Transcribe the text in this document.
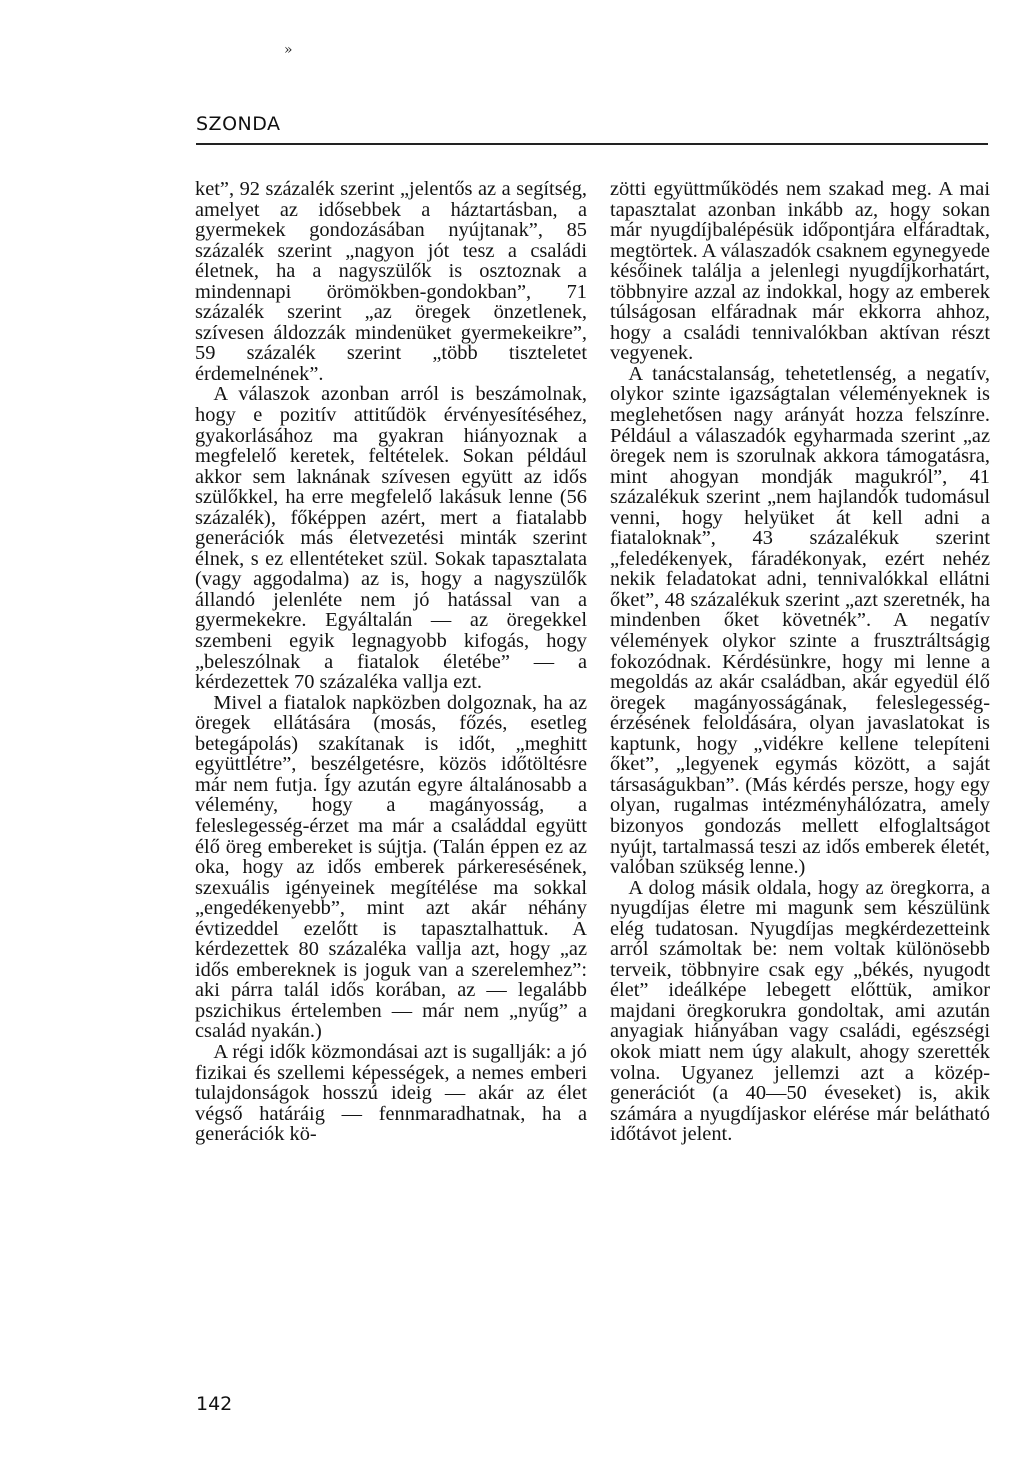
»
SZONDA

ket”, 92 százalék szerint „jelentős az a segítség, amelyet az idősebbek a háztartásban, a gyermekek gondozásában nyújtanak”, 85 százalék szerint „nagyon jót tesz a családi életnek, ha a nagyszülők is osztoznak a mindennapi örömökben-gondokban”, 71 százalék szerint „az öregek önzetlenek, szívesen áldozzák mindenüket gyermekeikre”, 59 százalék szerint „több tiszteletet érdemelnének”.

A válaszok azonban arról is beszámolnak, hogy e pozitív attitűdök érvényesítéséhez, gyakorlásához ma gyakran hiányoznak a megfelelő keretek, feltételek. Sokan például akkor sem laknának szívesen együtt az idős szülőkkel, ha erre megfelelő lakásuk lenne (56 százalék), főképpen azért, mert a fiatalabb generációk más életvezetési minták szerint élnek, s ez ellentéteket szül. Sokak tapasztalata (vagy aggodalma) az is, hogy a nagyszülők állandó jelenléte nem jó hatással van a gyermekekre. Egyáltalán — az öregekkel szembeni egyik legnagyobb kifogás, hogy „beleszólnak a fiatalok életébe” — a kérdezettek 70 százaléka vallja ezt.

Mivel a fiatalok napközben dolgoznak, ha az öregek ellátására (mosás, főzés, esetleg betegápolás) szakítanak is időt, „meghitt együttlétre”, beszélgetésre, közös időtöltésre már nem futja. Így azután egyre általánosabb a vélemény, hogy a magányosság, a feleslegesség-érzet ma már a családdal együtt élő öreg embereket is sújtja. (Talán éppen ez az oka, hogy az idős emberek párkeresésének, szexuális igényeinek megítélése ma sokkal „engedékenyebb”, mint azt akár néhány évtizeddel ezelőtt is tapasztalhattuk. A kérdezettek 80 százaléka vallja azt, hogy „az idős embereknek is joguk van a szerelemhez”: aki párra talál idős korában, az — legalább pszichikus értelemben — már nem „nyűg” a család nyakán.)

A régi idők közmondásai azt is sugallják: a jó fizikai és szellemi képességek, a nemes emberi tulajdonságok hosszú ideig — akár az élet végső határáig — fennmaradhatnak, ha a generációk kö-

zötti együttműködés nem szakad meg. A mai tapasztalat azonban inkább az, hogy sokan már nyugdíjbalépésük időpontjára elfáradtak, megtörtek. A válaszadók csaknem egynegyede későinek találja a jelenlegi nyugdíjkorhatárt, többnyire azzal az indokkal, hogy az emberek túlságosan elfáradnak már ekkorra ahhoz, hogy a családi tennivalókban aktívan részt vegyenek.

A tanácstalanság, tehetetlenség, a negatív, olykor szinte igazságtalan véleményeknek is meglehetősen nagy arányát hozza felszínre. Például a válaszadók egyharmada szerint „az öregek nem is szorulnak akkora támogatásra, mint ahogyan mondják magukról”, 41 százalékuk szerint „nem hajlandók tudomásul venni, hogy helyüket át kell adni a fiataloknak”, 43 százalékuk szerint „feledékenyek, fáradékonyak, ezért nehéz nekik feladatokat adni, tennivalókkal ellátni őket”, 48 százalékuk szerint „azt szeretnék, ha mindenben őket követnék”. A negatív vélemények olykor szinte a frusztráltságig fokozódnak. Kérdésünkre, hogy mi lenne a megoldás az akár családban, akár egyedül élő öregek magányosságának, feleslegesség-érzésének feloldására, olyan javaslatokat is kaptunk, hogy „vidékre kellene telepíteni őket”, „legyenek egymás között, a saját társaságukban”. (Más kérdés persze, hogy egy olyan, rugalmas intézményhálózatra, amely bizonyos gondozás mellett elfoglaltságot nyújt, tartalmassá teszi az idős emberek életét, valóban szükség lenne.)

A dolog másik oldala, hogy az öregkorra, a nyugdíjas életre mi magunk sem készülünk elég tudatosan. Nyugdíjas megkérdezetteink arról számoltak be: nem voltak különösebb terveik, többnyire csak egy „békés, nyugodt élet” ideálképe lebegett előttük, amikor majdani öregkorukra gondoltak, ami azután anyagiak hiányában vagy családi, egészségi okok miatt nem úgy alakult, ahogy szerették volna. Ugyanez jellemzi azt a közép-generációt (a 40—50 éveseket) is, akik számára a nyugdíjaskor elérése már belátható időtávot jelent.

142
